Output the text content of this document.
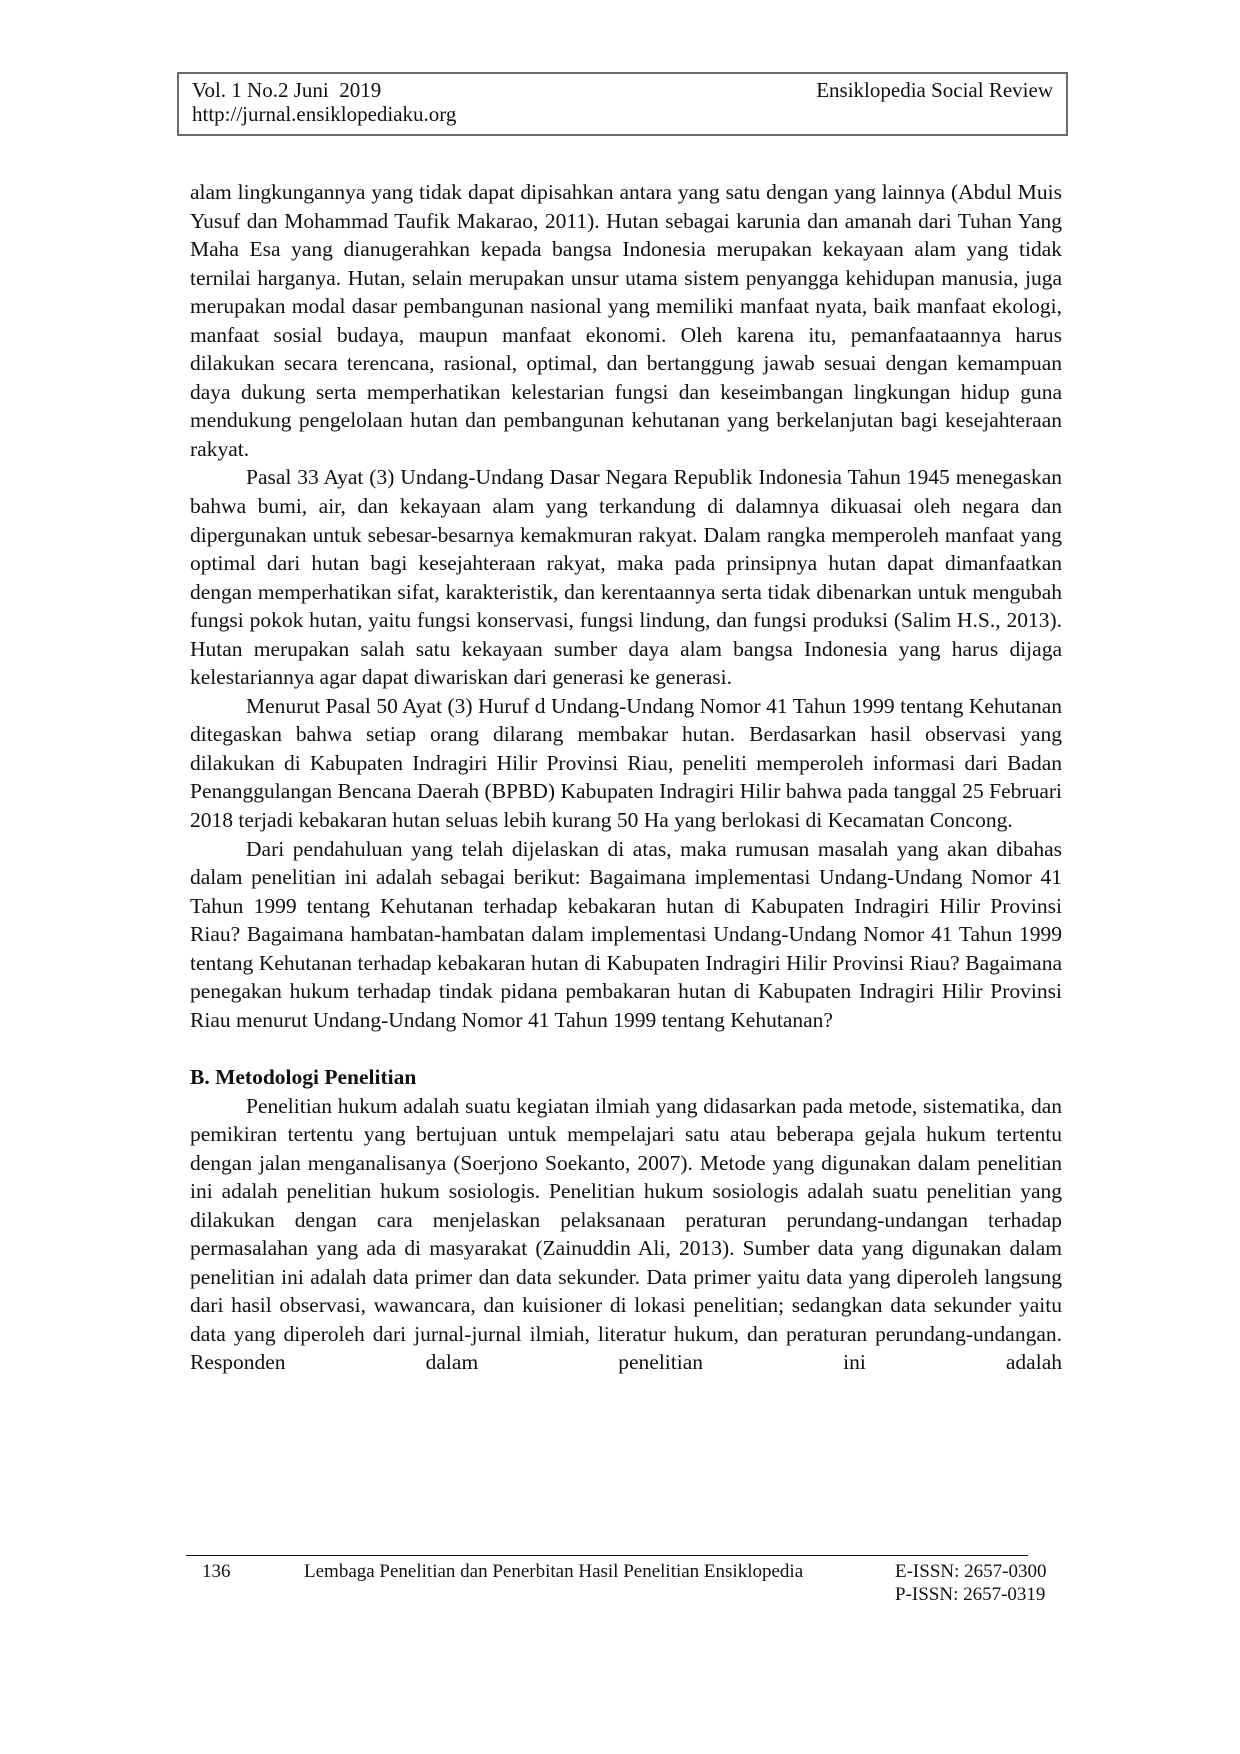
Vol. 1 No.2 Juni  2019	Ensiklopedia Social Review
http://jurnal.ensiklopediaku.org

alam lingkungannya yang tidak dapat dipisahkan antara yang satu dengan yang lainnya (Abdul Muis Yusuf dan Mohammad Taufik Makarao, 2011). Hutan sebagai karunia dan amanah dari Tuhan Yang Maha Esa yang dianugerahkan kepada bangsa Indonesia merupakan kekayaan alam yang tidak ternilai harganya. Hutan, selain merupakan unsur utama sistem penyangga kehidupan manusia, juga merupakan modal dasar pembangunan nasional yang memiliki manfaat nyata, baik manfaat ekologi, manfaat sosial budaya, maupun manfaat ekonomi. Oleh karena itu, pemanfaataannya harus dilakukan secara terencana, rasional, optimal, dan bertanggung jawab sesuai dengan kemampuan daya dukung serta memperhatikan kelestarian fungsi dan keseimbangan lingkungan hidup guna mendukung pengelolaan hutan dan pembangunan kehutanan yang berkelanjutan bagi kesejahteraan rakyat.

Pasal 33 Ayat (3) Undang-Undang Dasar Negara Republik Indonesia Tahun 1945 menegaskan bahwa bumi, air, dan kekayaan alam yang terkandung di dalamnya dikuasai oleh negara dan dipergunakan untuk sebesar-besarnya kemakmuran rakyat. Dalam rangka memperoleh manfaat yang optimal dari hutan bagi kesejahteraan rakyat, maka pada prinsipnya hutan dapat dimanfaatkan dengan memperhatikan sifat, karakteristik, dan kerentaannya serta tidak dibenarkan untuk mengubah fungsi pokok hutan, yaitu fungsi konservasi, fungsi lindung, dan fungsi produksi (Salim H.S., 2013). Hutan merupakan salah satu kekayaan sumber daya alam bangsa Indonesia yang harus dijaga kelestariannya agar dapat diwariskan dari generasi ke generasi.

Menurut Pasal 50 Ayat (3) Huruf d Undang-Undang Nomor 41 Tahun 1999 tentang Kehutanan ditegaskan bahwa setiap orang dilarang membakar hutan. Berdasarkan hasil observasi yang dilakukan di Kabupaten Indragiri Hilir Provinsi Riau, peneliti memperoleh informasi dari Badan Penanggulangan Bencana Daerah (BPBD) Kabupaten Indragiri Hilir bahwa pada tanggal 25 Februari 2018 terjadi kebakaran hutan seluas lebih kurang 50 Ha yang berlokasi di Kecamatan Concong.

Dari pendahuluan yang telah dijelaskan di atas, maka rumusan masalah yang akan dibahas dalam penelitian ini adalah sebagai berikut: Bagaimana implementasi Undang-Undang Nomor 41 Tahun 1999 tentang Kehutanan terhadap kebakaran hutan di Kabupaten Indragiri Hilir Provinsi Riau? Bagaimana hambatan-hambatan dalam implementasi Undang-Undang Nomor 41 Tahun 1999 tentang Kehutanan terhadap kebakaran hutan di Kabupaten Indragiri Hilir Provinsi Riau? Bagaimana penegakan hukum terhadap tindak pidana pembakaran hutan di Kabupaten Indragiri Hilir Provinsi Riau menurut Undang-Undang Nomor 41 Tahun 1999 tentang Kehutanan?

B. Metodologi Penelitian

Penelitian hukum adalah suatu kegiatan ilmiah yang didasarkan pada metode, sistematika, dan pemikiran tertentu yang bertujuan untuk mempelajari satu atau beberapa gejala hukum tertentu dengan jalan menganalisanya (Soerjono Soekanto, 2007). Metode yang digunakan dalam penelitian ini adalah penelitian hukum sosiologis. Penelitian hukum sosiologis adalah suatu penelitian yang dilakukan dengan cara menjelaskan pelaksanaan peraturan perundang-undangan terhadap permasalahan yang ada di masyarakat (Zainuddin Ali, 2013). Sumber data yang digunakan dalam penelitian ini adalah data primer dan data sekunder. Data primer yaitu data yang diperoleh langsung dari hasil observasi, wawancara, dan kuisioner di lokasi penelitian; sedangkan data sekunder yaitu data yang diperoleh dari jurnal-jurnal ilmiah, literatur hukum, dan peraturan perundang-undangan. Responden dalam penelitian ini adalah

136	Lembaga Penelitian dan Penerbitan Hasil Penelitian Ensiklopedia	E-ISSN: 2657-0300
P-ISSN: 2657-0319
